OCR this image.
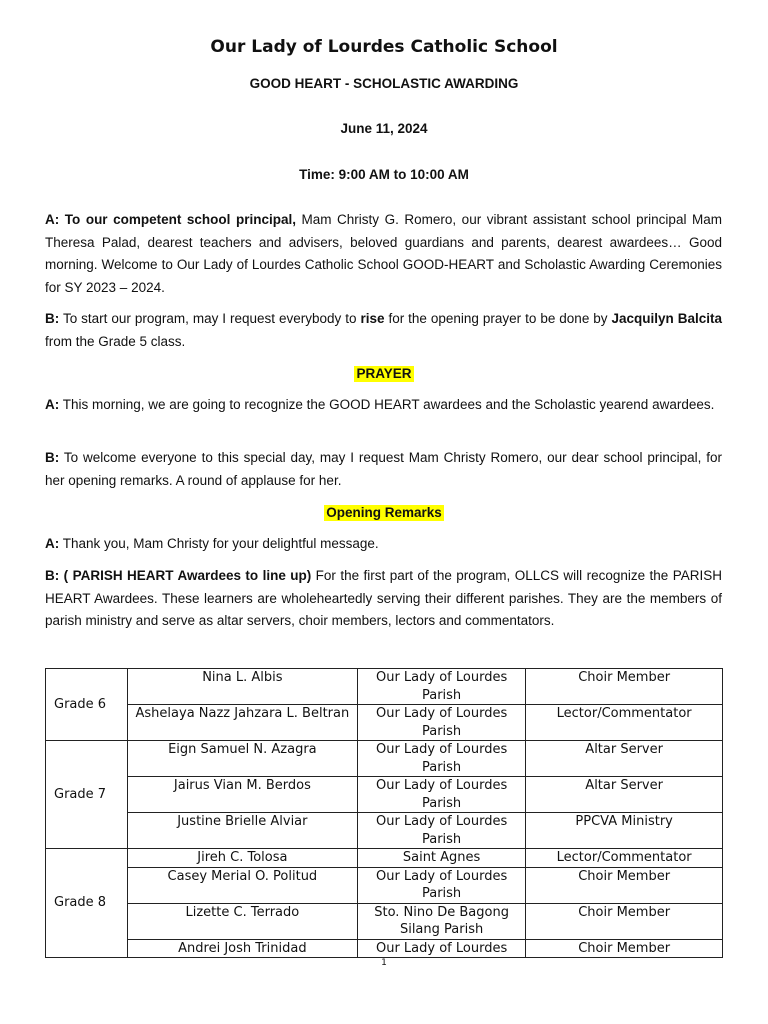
Our Lady of Lourdes Catholic School
GOOD HEART - SCHOLASTIC AWARDING
June 11, 2024
Time: 9:00 AM to 10:00 AM
A: To our competent school principal, Mam Christy G. Romero, our vibrant assistant school principal Mam Theresa Palad, dearest teachers and advisers, beloved guardians and parents, dearest awardees… Good morning. Welcome to Our Lady of Lourdes Catholic School GOOD-HEART and Scholastic Awarding Ceremonies for SY 2023 – 2024.
B: To start our program, may I request everybody to rise for the opening prayer to be done by Jacquilyn Balcita from the Grade 5 class.
PRAYER
A: This morning, we are going to recognize the GOOD HEART awardees and the Scholastic yearend awardees.
B: To welcome everyone to this special day, may I request Mam Christy Romero, our dear school principal, for her opening remarks. A round of applause for her.
Opening Remarks
A: Thank you, Mam Christy for your delightful message.
B: ( PARISH HEART Awardees to line up) For the first part of the program, OLLCS will recognize the PARISH HEART Awardees. These learners are wholeheartedly serving their different parishes. They are the members of parish ministry and serve as altar servers, choir members, lectors and commentators.
Grade 6	Nina L. Albis	Our Lady of Lourdes Parish	Choir Member
	Ashelaya Nazz Jahzara L. Beltran	Our Lady of Lourdes Parish	Lector/Commentator
Grade 7	Eign Samuel N. Azagra	Our Lady of Lourdes Parish	Altar Server
	Jairus Vian M. Berdos	Our Lady of Lourdes Parish	Altar Server
	Justine Brielle Alviar	Our Lady of Lourdes Parish	PPCVA Ministry
Grade 8	Jireh C. Tolosa	Saint Agnes	Lector/Commentator
	Casey Merial O. Politud	Our Lady of Lourdes Parish	Choir Member
	Lizette C. Terrado	Sto. Nino De Bagong Silang Parish	Choir Member
	Andrei Josh Trinidad	Our Lady of Lourdes	Choir Member
1
